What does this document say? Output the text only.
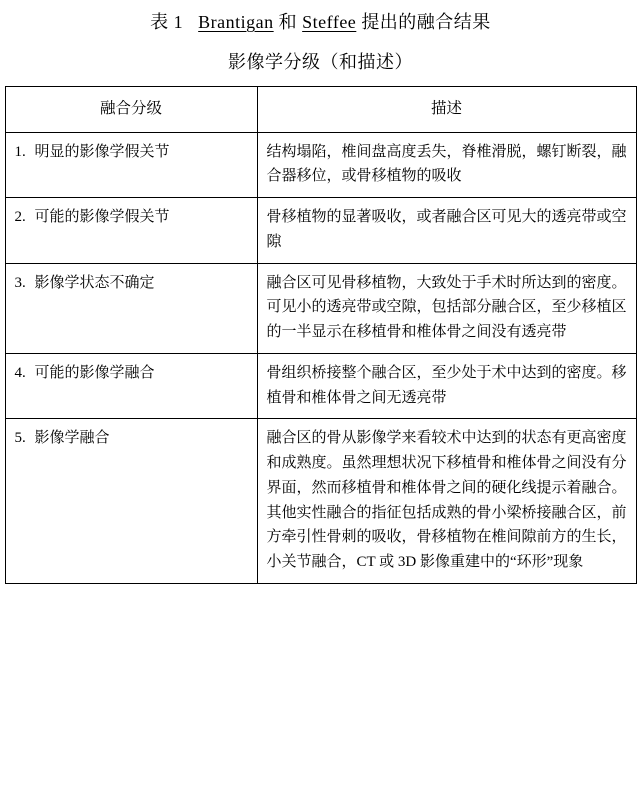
表 1 Brantigan 和 Steffee 提出的融合结果
影像学分级（和描述）
融合分级	描述
1. 明显的影像学假关节	结构塌陷，椎间盘高度丢失，脊椎滑脱，螺钉断裂，融合器移位，或骨移植物的吸收
2. 可能的影像学假关节	骨移植物的显著吸收，或者融合区可见大的透亮带或空隙
3. 影像学状态不确定	融合区可见骨移植物，大致处于手术时所达到的密度。可见小的透亮带或空隙，包括部分融合区，至少移植区的一半显示在移植骨和椎体骨之间没有透亮带
4. 可能的影像学融合	骨组织桥接整个融合区，至少处于术中达到的密度。移植骨和椎体骨之间无透亮带
5. 影像学融合	融合区的骨从影像学来看较术中达到的状态有更高密度和成熟度。虽然理想状况下移植骨和椎体骨之间没有分界面，然而移植骨和椎体骨之间的硬化线提示着融合。其他实性融合的指征包括成熟的骨小梁桥接融合区，前方牵引性骨刺的吸收，骨移植物在椎间隙前方的生长，小关节融合，CT 或 3D 影像重建中的“环形”现象
